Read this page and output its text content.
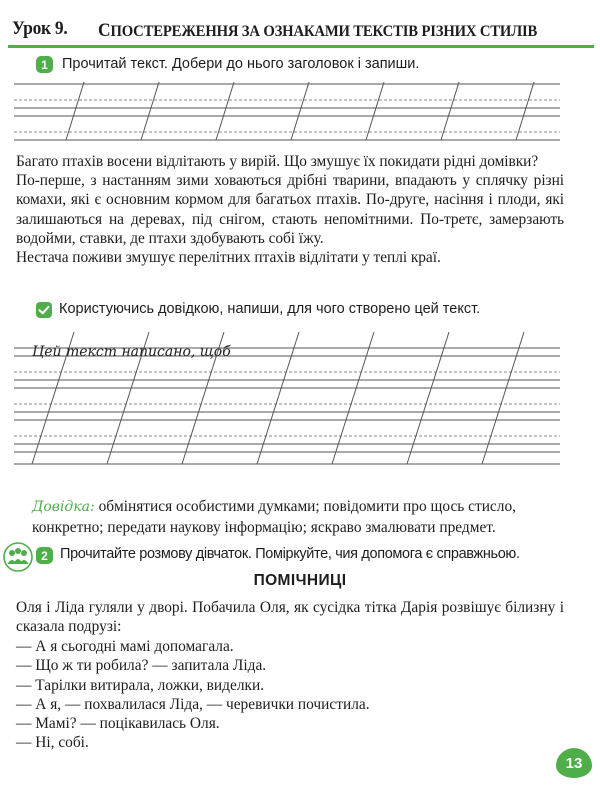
Урок 9. СПОСТЕРЕЖЕННЯ ЗА ОЗНАКАМИ ТЕКСТІВ РІЗНИХ СТИЛІВ
1 Прочитай текст. Добери до нього заголовок і запиши.

Багато птахів восени відлітають у вирій. Що змушує їх покидати рідні домівки?

По-перше, з настанням зими ховаються дрібні тварини, впадають у сплячку різні комахи, які є основним кормом для багатьох птахів. По-друге, насіння і плоди, які залишаються на деревах, під снігом, стають непомітними. По-третє, замерзають водойми, ставки, де птахи здобувають собі їжу.

Нестача поживи змушує перелітних птахів відлітати у теплі краї.

Користуючись довідкою, напиши, для чого створено цей текст.
Цей текст написано, щоб
Довідка: обмінятися особистими думками; повідомити про щось стисло, конкретно; передати наукову інформацію; яскраво змалювати предмет.
2 Прочитайте розмову дівчаток. Поміркуйте, чия допомога є справжньою.
ПОМІЧНИЦІ
Оля і Ліда гуляли у дворі. Побачила Оля, як сусідка тітка Дарія розвішує білизну і сказала подрузі:
— А я сьогодні мамі допомагала.
— Що ж ти робила? — запитала Ліда.
— Тарілки витирала, ложки, виделки.
— А я, — похвалилася Ліда, — черевички почистила.
— Мамі? — поцікавилась Оля.
— Ні, собі.
13
